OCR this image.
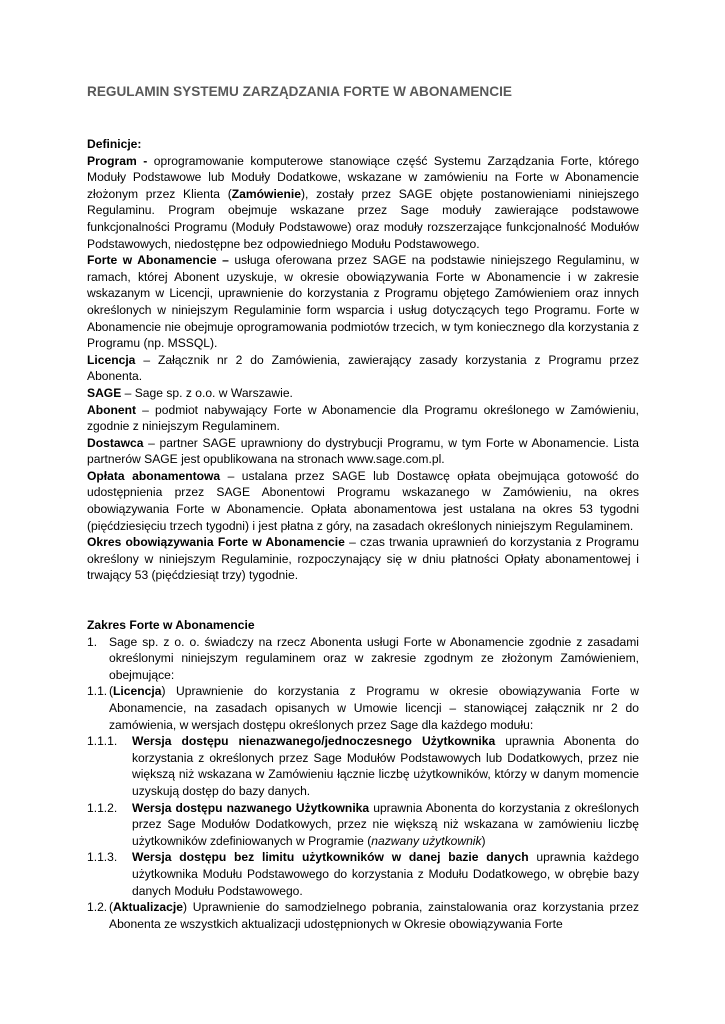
REGULAMIN SYSTEMU ZARZĄDZANIA FORTE W ABONAMENCIE

Definicje:

Program - oprogramowanie komputerowe stanowiące część Systemu Zarządzania Forte, którego Moduły Podstawowe lub Moduły Dodatkowe, wskazane w zamówieniu na Forte w Abonamencie złożonym przez Klienta (Zamówienie), zostały przez SAGE objęte postanowieniami niniejszego Regulaminu. Program obejmuje wskazane przez Sage moduły zawierające podstawowe funkcjonalności Programu (Moduły Podstawowe) oraz moduły rozszerzające funkcjonalność Modułów Podstawowych, niedostępne bez odpowiedniego Modułu Podstawowego.

Forte w Abonamencie – usługa oferowana przez SAGE na podstawie niniejszego Regulaminu, w ramach, której Abonent uzyskuje, w okresie obowiązywania Forte w Abonamencie i w zakresie wskazanym w Licencji, uprawnienie do korzystania z Programu objętego Zamówieniem oraz innych określonych w niniejszym Regulaminie form wsparcia i usług dotyczących tego Programu. Forte w Abonamencie nie obejmuje oprogramowania podmiotów trzecich, w tym koniecznego dla korzystania z Programu (np. MSSQL).

Licencja – Załącznik nr 2 do Zamówienia, zawierający zasady korzystania z Programu przez Abonenta.

SAGE – Sage sp. z o.o. w Warszawie.

Abonent – podmiot nabywający Forte w Abonamencie dla Programu określonego w Zamówieniu, zgodnie z niniejszym Regulaminem.

Dostawca – partner SAGE uprawniony do dystrybucji Programu, w tym Forte w Abonamencie. Lista partnerów SAGE jest opublikowana na stronach www.sage.com.pl.

Opłata abonamentowa – ustalana przez SAGE lub Dostawcę opłata obejmująca gotowość do udostępnienia przez SAGE Abonentowi Programu wskazanego w Zamówieniu, na okres obowiązywania Forte w Abonamencie. Opłata abonamentowa jest ustalana na okres 53 tygodni (pięćdziesięciu trzech tygodni) i jest płatna z góry, na zasadach określonych niniejszym Regulaminem.

Okres obowiązywania Forte w Abonamencie – czas trwania uprawnień do korzystania z Programu określony w niniejszym Regulaminie, rozpoczynający się w dniu płatności Opłaty abonamentowej i trwający 53 (pięćdziesiąt trzy) tygodnie.

Zakres Forte w Abonamencie

1. Sage sp. z o. o. świadczy na rzecz Abonenta usługi Forte w Abonamencie zgodnie z zasadami określonymi niniejszym regulaminem oraz w zakresie zgodnym ze złożonym Zamówieniem, obejmujące:
1.1. (Licencja) Uprawnienie do korzystania z Programu w okresie obowiązywania Forte w Abonamencie, na zasadach opisanych w Umowie licencji – stanowiącej załącznik nr 2 do zamówienia, w wersjach dostępu określonych przez Sage dla każdego modułu:
1.1.1.	Wersja dostępu nienazwanego/jednoczesnego Użytkownika uprawnia Abonenta do korzystania z określonych przez Sage Modułów Podstawowych lub Dodatkowych, przez nie większą niż wskazana w Zamówieniu łącznie liczbę użytkowników, którzy w danym momencie uzyskują dostęp do bazy danych.
1.1.2.	Wersja dostępu nazwanego Użytkownika uprawnia Abonenta do korzystania z określonych przez Sage Modułów Dodatkowych, przez nie większą niż wskazana w zamówieniu liczbę użytkowników zdefiniowanych w Programie (nazwany użytkownik)
1.1.3.	Wersja dostępu bez limitu użytkowników w danej bazie danych uprawnia każdego użytkownika Modułu Podstawowego do korzystania z Modułu Dodatkowego, w obrębie bazy danych Modułu Podstawowego.
1.2. (Aktualizacje) Uprawnienie do samodzielnego pobrania, zainstalowania oraz korzystania przez Abonenta ze wszystkich aktualizacji udostępnionych w Okresie obowiązywania Forte
